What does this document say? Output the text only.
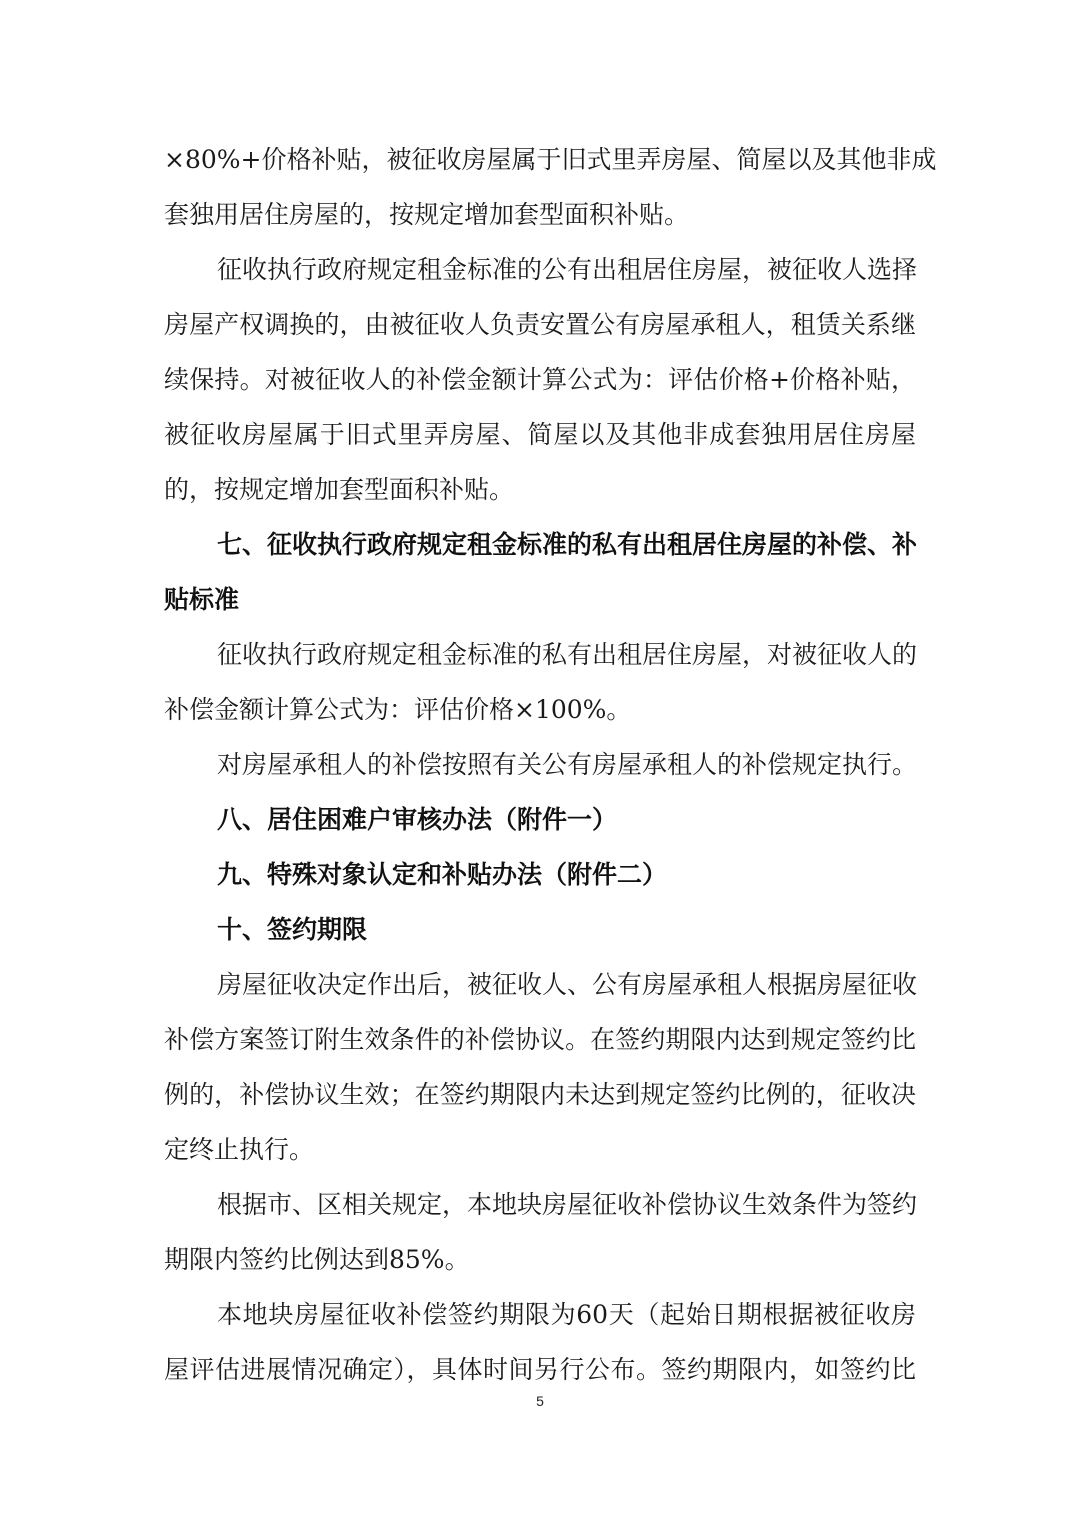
×80%+价格补贴，被征收房屋属于旧式里弄房屋、简屋以及其他非成
套独用居住房屋的，按规定增加套型面积补贴。
征收执行政府规定租金标准的公有出租居住房屋，被征收人选择
房屋产权调换的，由被征收人负责安置公有房屋承租人，租赁关系继
续保持。对被征收人的补偿金额计算公式为：评估价格+价格补贴，
被征收房屋属于旧式里弄房屋、简屋以及其他非成套独用居住房屋
的，按规定增加套型面积补贴。
七、征收执行政府规定租金标准的私有出租居住房屋的补偿、补
贴标准
征收执行政府规定租金标准的私有出租居住房屋，对被征收人的
补偿金额计算公式为：评估价格×100%。
对房屋承租人的补偿按照有关公有房屋承租人的补偿规定执行。
八、居住困难户审核办法（附件一）
九、特殊对象认定和补贴办法（附件二）
十、签约期限
房屋征收决定作出后，被征收人、公有房屋承租人根据房屋征收
补偿方案签订附生效条件的补偿协议。在签约期限内达到规定签约比
例的，补偿协议生效；在签约期限内未达到规定签约比例的，征收决
定终止执行。
根据市、区相关规定，本地块房屋征收补偿协议生效条件为签约
期限内签约比例达到85%。
本地块房屋征收补偿签约期限为60天（起始日期根据被征收房
屋评估进展情况确定），具体时间另行公布。签约期限内，如签约比
5
